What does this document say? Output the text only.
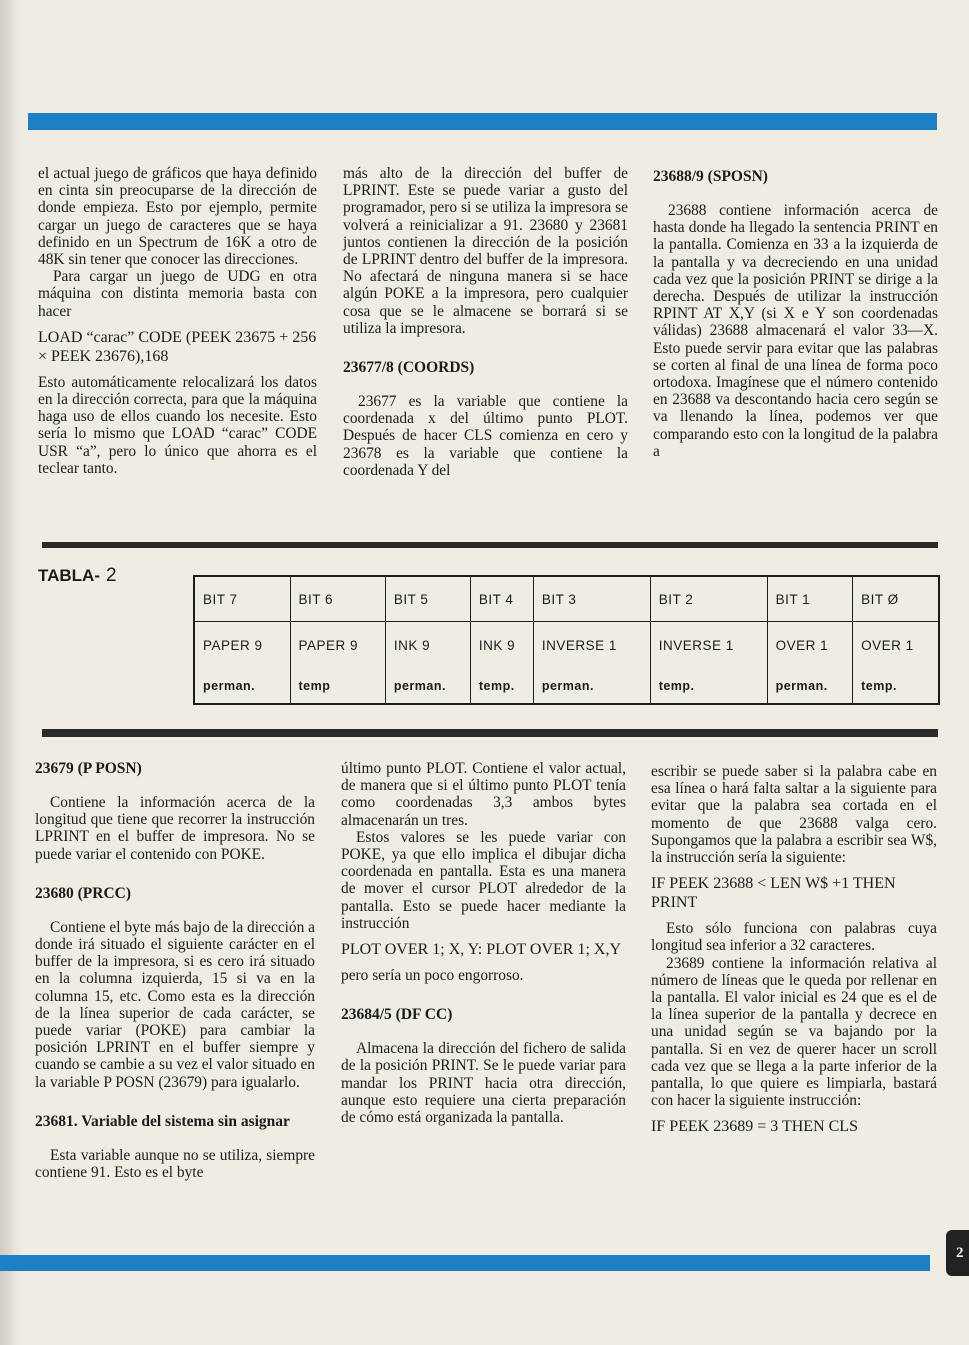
el actual juego de gráficos que haya definido en cinta sin preocuparse de la dirección de donde empieza. Esto por ejemplo, permite cargar un juego de caracteres que se haya definido en un Spectrum de 16K a otro de 48K sin tener que conocer las direcciones.

Para cargar un juego de UDG en otra máquina con distinta memoria basta con hacer

LOAD “carac” CODE (PEEK 23675 + 256 × PEEK 23676),168

Esto automáticamente relocalizará los datos en la dirección correcta, para que la máquina haga uso de ellos cuando los necesite. Esto sería lo mismo que LOAD “carac” CODE USR “a”, pero lo único que ahorra es el teclear tanto.

más alto de la dirección del buffer de LPRINT. Este se puede variar a gusto del programador, pero si se utiliza la impresora se volverá a reinicializar a 91. 23680 y 23681 juntos contienen la dirección de la posición de LPRINT dentro del buffer de la impresora. No afectará de ninguna manera si se hace algún POKE a la impresora, pero cualquier cosa que se le almacene se borrará si se utiliza la impresora.

23677/8 (COORDS)

23677 es la variable que contiene la coordenada x del último punto PLOT. Después de hacer CLS comienza en cero y 23678 es la variable que contiene la coordenada Y del

23688/9 (SPOSN)

23688 contiene información acerca de hasta donde ha llegado la sentencia PRINT en la pantalla. Comienza en 33 a la izquierda de la pantalla y va decreciendo en una unidad cada vez que la posición PRINT se dirige a la derecha. Después de utilizar la instrucción RPINT AT X,Y (si X e Y son coordenadas válidas) 23688 almacenará el valor 33—X. Esto puede servir para evitar que las palabras se corten al final de una línea de forma poco ortodoxa. Imagínese que el número contenido en 23688 va descontando hacia cero según se va llenando la línea, podemos ver que comparando esto con la longitud de la palabra a

TABLA- 2
BIT 7	BIT 6	BIT 5	BIT 4	BIT 3	BIT 2	BIT 1	BIT Ø
PAPER 9	PAPER 9	INK 9	INK 9	INVERSE 1	INVERSE 1	OVER 1	OVER 1
perman.	temp	perman.	temp.	perman.	temp.	perman.	temp.
23679 (P POSN)

Contiene la información acerca de la longitud que tiene que recorrer la instrucción LPRINT en el buffer de impresora. No se puede variar el contenido con POKE.

23680 (PRCC)

Contiene el byte más bajo de la dirección a donde irá situado el siguiente carácter en el buffer de la impresora, si es cero irá situado en la columna izquierda, 15 si va en la columna 15, etc. Como esta es la dirección de la línea superior de cada carácter, se puede variar (POKE) para cambiar la posición LPRINT en el buffer siempre y cuando se cambie a su vez el valor situado en la variable P POSN (23679) para igualarlo.

23681. Variable del sistema sin asignar

Esta variable aunque no se utiliza, siempre contiene 91. Esto es el byte

último punto PLOT. Contiene el valor actual, de manera que si el último punto PLOT tenía como coordenadas 3,3 ambos bytes almacenarán un tres.

Estos valores se les puede variar con POKE, ya que ello implica el dibujar dicha coordenada en pantalla. Esta es una manera de mover el cursor PLOT alrededor de la pantalla. Esto se puede hacer mediante la instrucción

PLOT OVER 1; X, Y: PLOT OVER 1; X,Y

pero sería un poco engorroso.

23684/5 (DF CC)

Almacena la dirección del fichero de salida de la posición PRINT. Se le puede variar para mandar los PRINT hacia otra dirección, aunque esto requiere una cierta preparación de cómo está organizada la pantalla.

escribir se puede saber si la palabra cabe en esa línea o hará falta saltar a la siguiente para evitar que la palabra sea cortada en el momento de que 23688 valga cero. Supongamos que la palabra a escribir sea W$, la instrucción sería la siguiente:

IF PEEK 23688 < LEN W$ +1 THEN PRINT

Esto sólo funciona con palabras cuya longitud sea inferior a 32 caracteres.

23689 contiene la información relativa al número de líneas que le queda por rellenar en la pantalla. El valor inicial es 24 que es el de la línea superior de la pantalla y decrece en una unidad según se va bajando por la pantalla. Si en vez de querer hacer un scroll cada vez que se llega a la parte inferior de la pantalla, lo que quiere es limpiarla, bastará con hacer la siguiente instrucción:

IF PEEK 23689 = 3 THEN CLS

2
